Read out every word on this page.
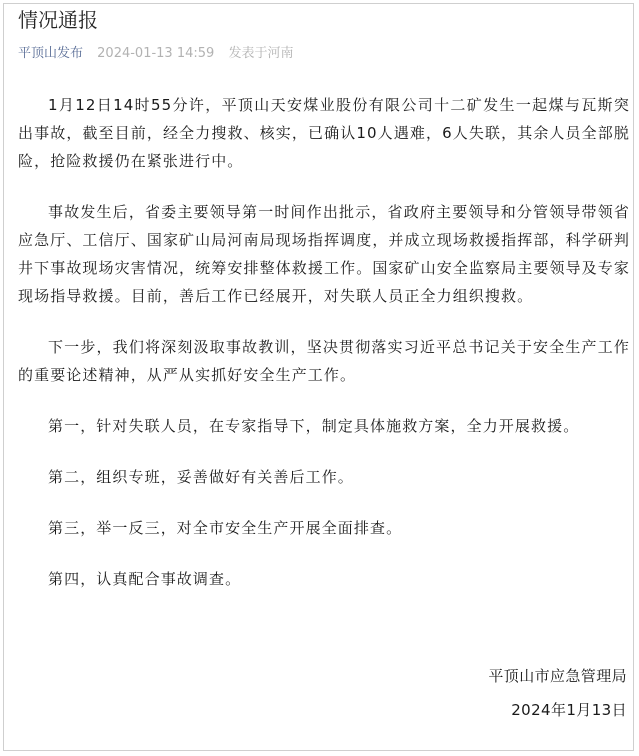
情况通报
平顶山发布 2024-01-13 14:59 发表于河南

1月12日14时55分许，平顶山天安煤业股份有限公司十二矿发生一起煤与瓦斯突出事故，截至目前，经全力搜救、核实，已确认10人遇难，6人失联，其余人员全部脱险，抢险救援仍在紧张进行中。

事故发生后，省委主要领导第一时间作出批示，省政府主要领导和分管领导带领省应急厅、工信厅、国家矿山局河南局现场指挥调度，并成立现场救援指挥部，科学研判井下事故现场灾害情况，统筹安排整体救援工作。国家矿山安全监察局主要领导及专家现场指导救援。目前，善后工作已经展开，对失联人员正全力组织搜救。

下一步，我们将深刻汲取事故教训，坚决贯彻落实习近平总书记关于安全生产工作的重要论述精神，从严从实抓好安全生产工作。

第一，针对失联人员，在专家指导下，制定具体施救方案，全力开展救援。

第二，组织专班，妥善做好有关善后工作。

第三，举一反三，对全市安全生产开展全面排查。

第四，认真配合事故调查。

平顶山市应急管理局
2024年1月13日
